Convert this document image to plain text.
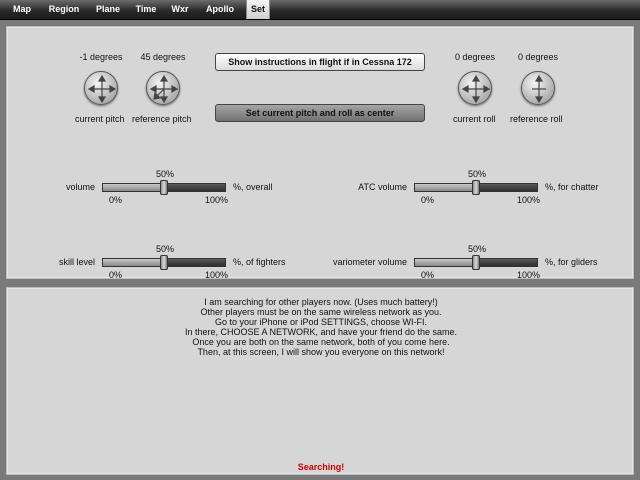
Map	Region	Plane	Time	Wxr	Apollo	Set
-1 degrees	45 degrees
current pitch reference pitch
Show instructions in flight if in Cessna 172
Set current pitch and roll as center
0 degrees	0 degrees
current roll reference roll
50%
volume	%, overall
0%	100%
50%
ATC volume	%, for chatter
0%	100%
50%
skill level	%, of fighters
0%	100%
50%
variometer volume	%, for gliders
0%	100%
I am searching for other players now. (Uses much battery!)
Other players must be on the same wireless network as you.
Go to your iPhone or iPod SETTINGS, choose WI-FI.
In there, CHOOSE A NETWORK, and have your friend do the same.
Once you are both on the same network, both of you come here.
Then, at this screen, I will show you everyone on this network!
Searching!
